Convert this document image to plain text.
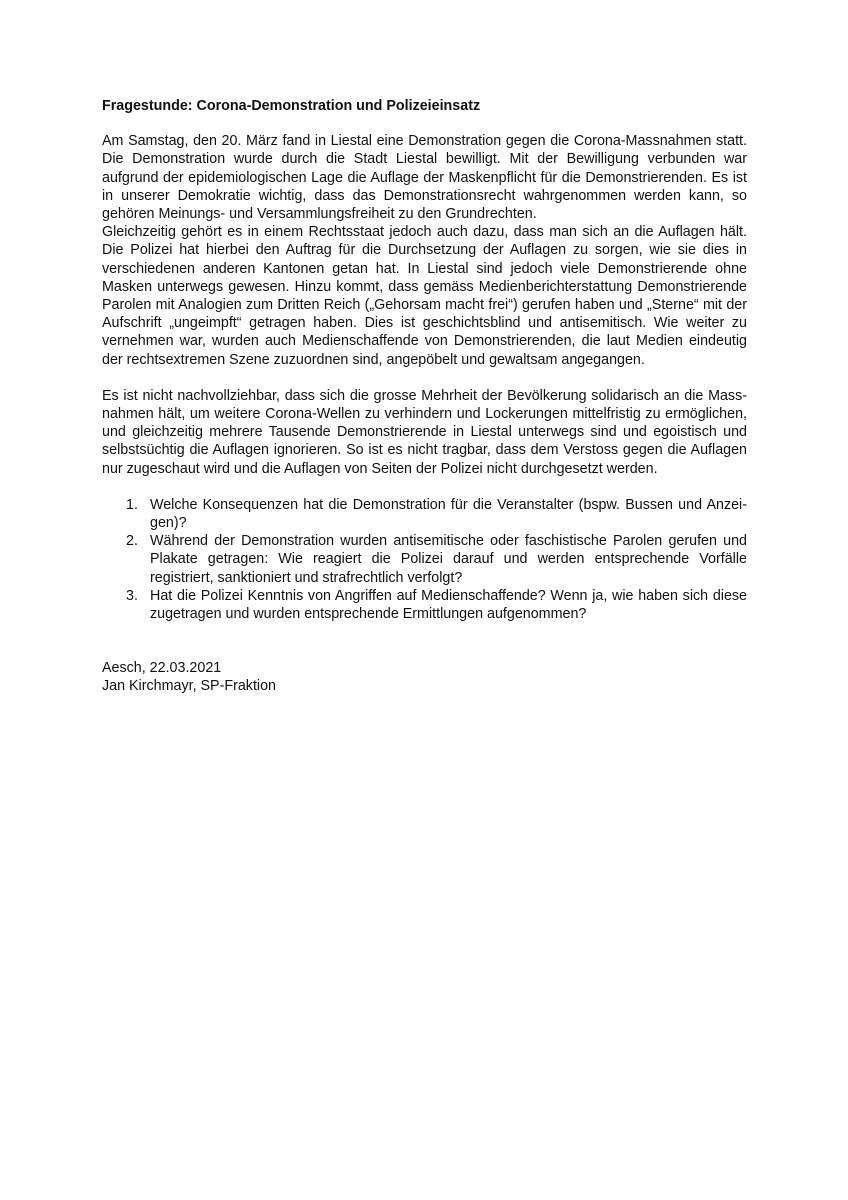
Fragestunde: Corona-Demonstration und Polizeieinsatz

Am Samstag, den 20. März fand in Liestal eine Demonstration gegen die Corona-Massnahmen statt. Die Demonstration wurde durch die Stadt Liestal bewilligt. Mit der Bewilligung verbunden war aufgrund der epidemiologischen Lage die Auflage der Maskenpflicht für die Demonstrierenden. Es ist in unserer Demokratie wichtig, dass das Demonstrationsrecht wahrgenommen werden kann, so gehören Meinungs- und Versammlungsfreiheit zu den Grundrechten.

Gleichzeitig gehört es in einem Rechtsstaat jedoch auch dazu, dass man sich an die Auflagen hält. Die Polizei hat hierbei den Auftrag für die Durchsetzung der Auflagen zu sorgen, wie sie dies in verschiedenen anderen Kantonen getan hat. In Liestal sind jedoch viele Demonstrierende ohne Masken unterwegs gewesen. Hinzu kommt, dass gemäss Medienberichterstattung Demonstrierende Parolen mit Analogien zum Dritten Reich („Gehorsam macht frei“) gerufen haben und „Sterne“ mit der Aufschrift „ungeimpft“ getragen haben. Dies ist geschichtsblind und antisemitisch. Wie weiter zu vernehmen war, wurden auch Medienschaffende von Demonstrierenden, die laut Medien eindeutig der rechtsextremen Szene zuzuordnen sind, angepöbelt und gewaltsam angegangen.

Es ist nicht nachvollziehbar, dass sich die grosse Mehrheit der Bevölkerung solidarisch an die Massnahmen hält, um weitere Corona-Wellen zu verhindern und Lockerungen mittelfristig zu ermöglichen, und gleichzeitig mehrere Tausende Demonstrierende in Liestal unterwegs sind und egoistisch und selbstsüchtig die Auflagen ignorieren. So ist es nicht tragbar, dass dem Verstoss gegen die Auflagen nur zugeschaut wird und die Auflagen von Seiten der Polizei nicht durchgesetzt werden.

1. Welche Konsequenzen hat die Demonstration für die Veranstalter (bspw. Bussen und Anzeigen)?
2. Während der Demonstration wurden antisemitische oder faschistische Parolen gerufen und Plakate getragen: Wie reagiert die Polizei darauf und werden entsprechende Vorfälle registriert, sanktioniert und strafrechtlich verfolgt?
3. Hat die Polizei Kenntnis von Angriffen auf Medienschaffende? Wenn ja, wie haben sich diese zugetragen und wurden entsprechende Ermittlungen aufgenommen?
Aesch, 22.03.2021
Jan Kirchmayr, SP-Fraktion
